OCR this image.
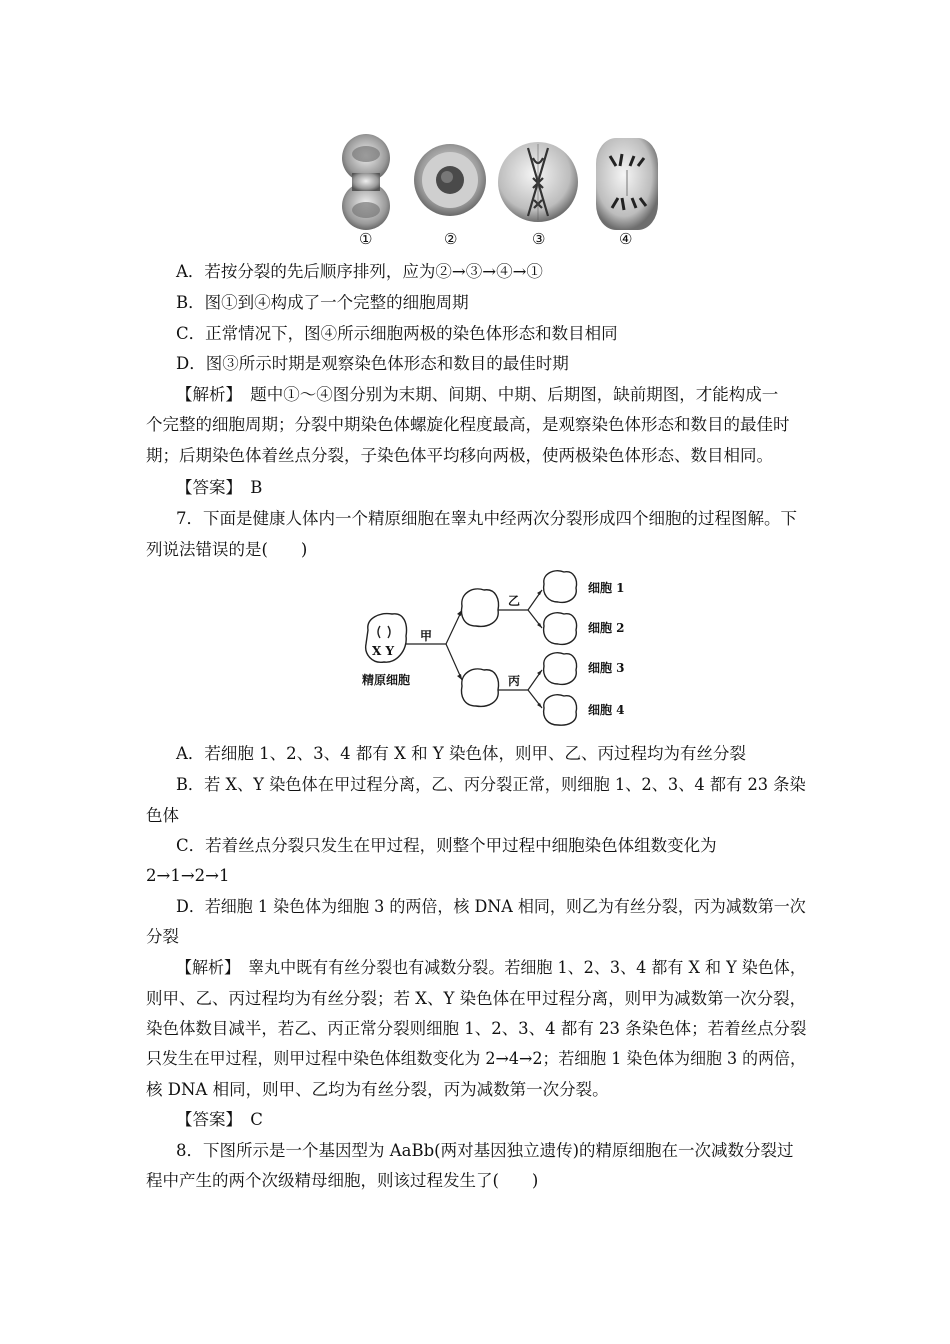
①	②	③	④
A．若按分裂的先后顺序排列，应为②→③→④→①
B．图①到④构成了一个完整的细胞周期
C．正常情况下，图④所示细胞两极的染色体形态和数目相同
D．图③所示时期是观察染色体形态和数目的最佳时期
【解析】　题中①～④图分别为末期、间期、中期、后期图，缺前期图，才能构成一
个完整的细胞周期；分裂中期染色体螺旋化程度最高，是观察染色体形态和数目的最佳时
期；后期染色体着丝点分裂，子染色体平均移向两极，使两极染色体形态、数目相同。
【答案】　B
7．下面是健康人体内一个精原细胞在睾丸中经两次分裂形成四个细胞的过程图解。下
列说法错误的是(　　)
X Y
精原细胞
甲
乙
丙
细胞 1
细胞 2
细胞 3
细胞 4
A．若细胞 1、2、3、4 都有 X 和 Y 染色体，则甲、乙、丙过程均为有丝分裂
B．若 X、Y 染色体在甲过程分离，乙、丙分裂正常，则细胞 1、2、3、4 都有 23 条染
色体
C．若着丝点分裂只发生在甲过程，则整个甲过程中细胞染色体组数变化为
2→1→2→1
D．若细胞 1 染色体为细胞 3 的两倍，核 DNA 相同，则乙为有丝分裂，丙为减数第一次
分裂
【解析】　睾丸中既有有丝分裂也有减数分裂。若细胞 1、2、3、4 都有 X 和 Y 染色体，
则甲、乙、丙过程均为有丝分裂；若 X、Y 染色体在甲过程分离，则甲为减数第一次分裂，
染色体数目减半，若乙、丙正常分裂则细胞 1、2、3、4 都有 23 条染色体；若着丝点分裂
只发生在甲过程，则甲过程中染色体组数变化为 2→4→2；若细胞 1 染色体为细胞 3 的两倍，
核 DNA 相同，则甲、乙均为有丝分裂，丙为减数第一次分裂。
【答案】　C
8．下图所示是一个基因型为 AaBb(两对基因独立遗传)的精原细胞在一次减数分裂过
程中产生的两个次级精母细胞，则该过程发生了(　　)
